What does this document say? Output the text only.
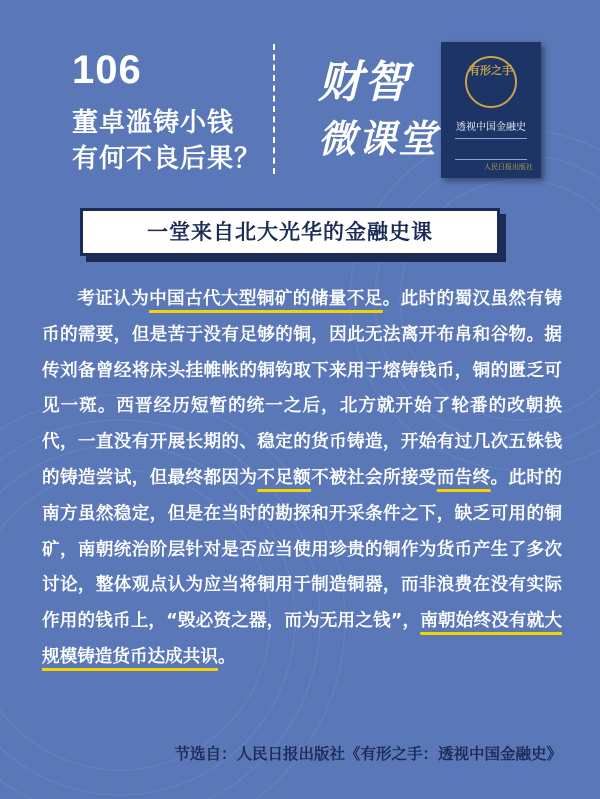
106
董卓滥铸小钱
有何不良后果？
财智
微课堂
有形之手
透视中国金融史
人民日报出版社
一堂来自北大光华的金融史课

考证认为中国古代大型铜矿的储量不足。此时的蜀汉虽然有铸币的需要，但是苦于没有足够的铜，因此无法离开布帛和谷物。据传刘备曾经将床头挂帷帐的铜钩取下来用于熔铸钱币，铜的匮乏可见一斑。西晋经历短暂的统一之后，北方就开始了轮番的改朝换代，一直没有开展长期的、稳定的货币铸造，开始有过几次五铢钱的铸造尝试，但最终都因为不足额不被社会所接受而告终。此时的南方虽然稳定，但是在当时的勘探和开采条件之下，缺乏可用的铜矿，南朝统治阶层针对是否应当使用珍贵的铜作为货币产生了多次讨论，整体观点认为应当将铜用于制造铜器，而非浪费在没有实际作用的钱币上，“毁必资之器，而为无用之钱”，南朝始终没有就大规模铸造货币达成共识。

节选自：人民日报出版社《有形之手：透视中国金融史》
